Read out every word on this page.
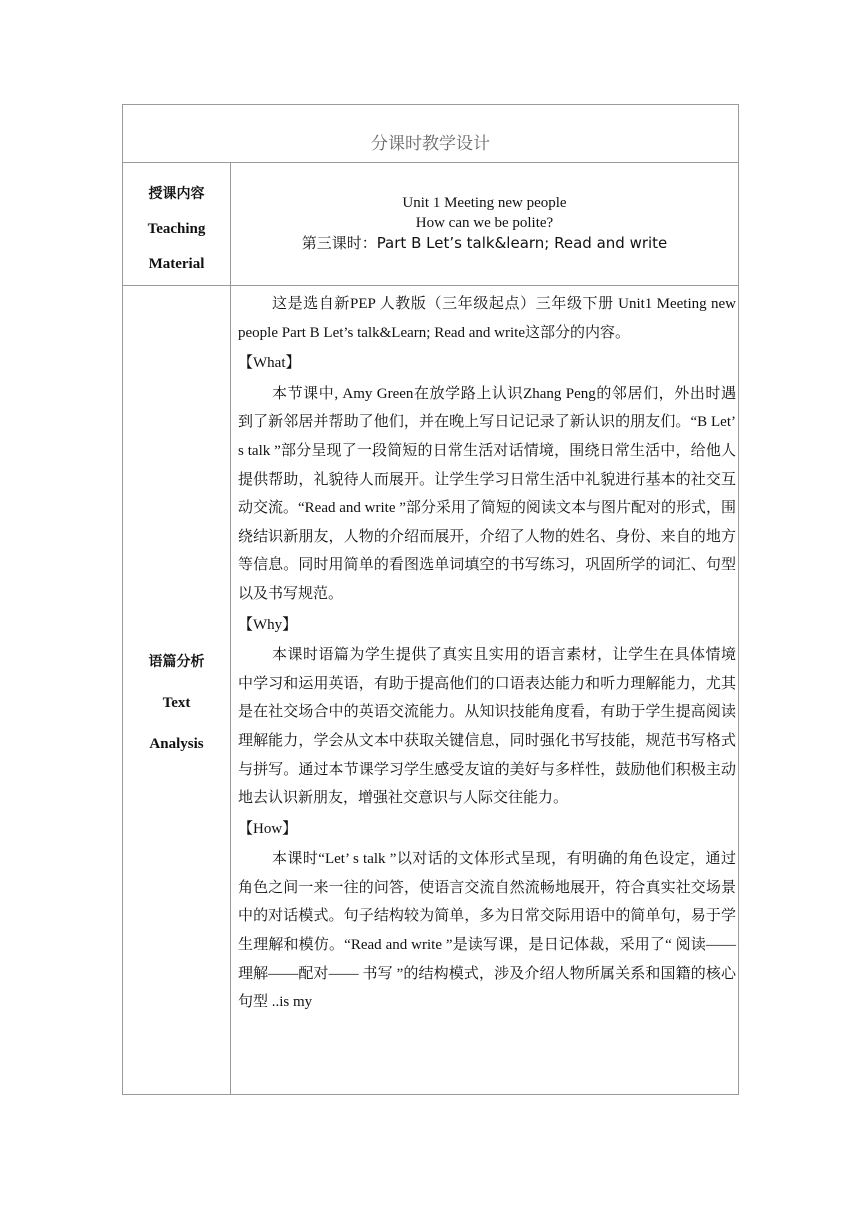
分课时教学设计
授课内容
Teaching
Material
Unit 1 Meeting new people
How can we be polite?
第三课时：Part B Let’s talk&learn; Read and write
语篇分析
Text
Analysis

这是选自新PEP 人教版（三年级起点）三年级下册 Unit1 Meeting new people Part B Let’s talk&Learn; Read and write这部分的内容。

【What】

本节课中, Amy Green在放学路上认识Zhang Peng的邻居们，外出时遇到了新邻居并帮助了他们，并在晚上写日记记录了新认识的朋友们。“B Let’ s talk ”部分呈现了一段简短的日常生活对话情境，围绕日常生活中，给他人提供帮助，礼貌待人而展开。让学生学习日常生活中礼貌进行基本的社交互动交流。“Read and write ”部分采用了简短的阅读文本与图片配对的形式，围绕结识新朋友，人物的介绍而展开，介绍了人物的姓名、身份、来自的地方等信息。同时用简单的看图选单词填空的书写练习，巩固所学的词汇、句型以及书写规范。

【Why】

本课时语篇为学生提供了真实且实用的语言素材，让学生在具体情境中学习和运用英语，有助于提高他们的口语表达能力和听力理解能力，尤其是在社交场合中的英语交流能力。从知识技能角度看，有助于学生提高阅读理解能力，学会从文本中获取关键信息，同时强化书写技能，规范书写格式与拼写。通过本节课学习学生感受友谊的美好与多样性，鼓励他们积极主动地去认识新朋友，增强社交意识与人际交往能力。

【How】

本课时“Let’ s talk ”以对话的文体形式呈现，有明确的角色设定，通过角色之间一来一往的问答，使语言交流自然流畅地展开，符合真实社交场景中的对话模式。句子结构较为简单，多为日常交际用语中的简单句，易于学生理解和模仿。“Read and write ”是读写课，是日记体裁，采用了“ 阅读——理解——配对—— 书写 ”的结构模式，涉及介绍人物所属关系和国籍的核心句型 ..is my
